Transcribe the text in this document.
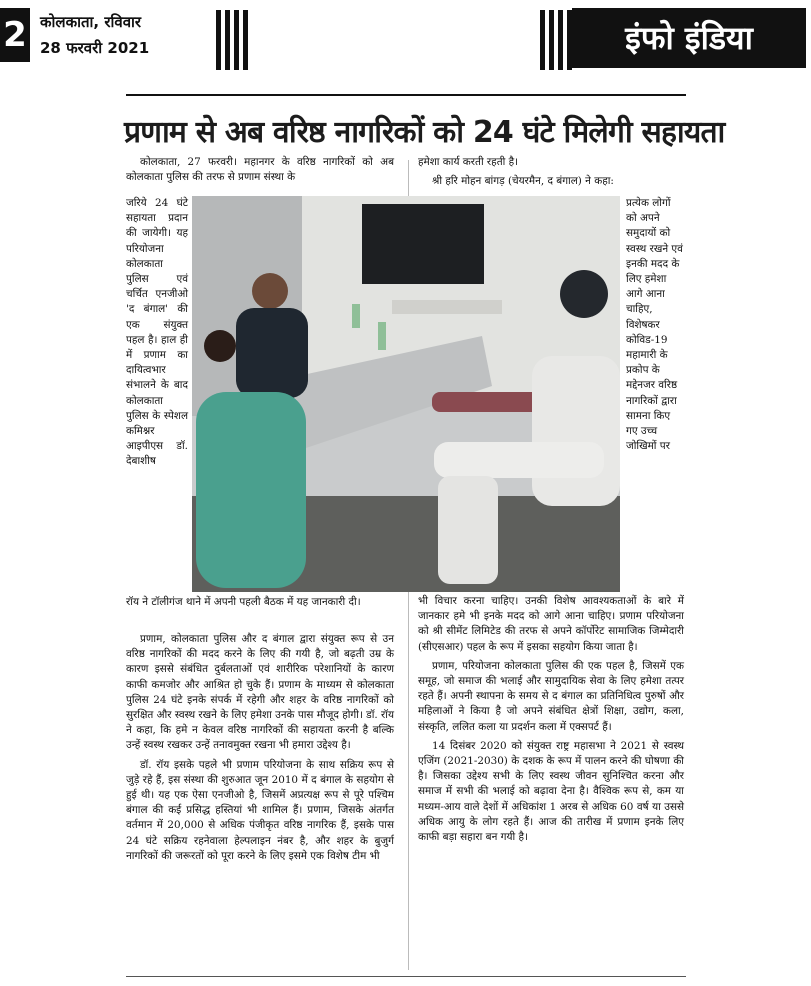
2 कोलकाता, रविवार
28 फरवरी 2021	इंफो इंडिया
प्रणाम से अब वरिष्ठ नागरिकों को 24 घंटे मिलेगी सहायता

कोलकाता, 27 फरवरी। महानगर के वरिष्ठ नागरिकों को अब कोलकाता पुलिस की तरफ से प्रणाम संस्था के

जरिये 24 घंटे सहायता प्रदान की जायेगी। यह परियोजना कोलकाता पुलिस एवं चर्चित एनजीओ 'द बंगाल' की एक संयुक्त पहल है। हाल ही में प्रणाम का दायित्वभार संभालने के बाद कोलकाता पुलिस के स्पेशल कमिश्नर आइपीएस डॉ. देबाशीष

हमेशा कार्य करती रहती है।

श्री हरि मोहन बांगड़ (चेयरमैन, द बंगाल) ने कहा:

प्रत्येक लोगों को अपने समुदायों को स्वस्थ रखने एवं इनकी मदद के लिए हमेशा आगे आना चाहिए, विशेषकर कोविड-19 महामारी के प्रकोप के मद्देनजर वरिष्ठ नागरिकों द्वारा सामना किए गए उच्च जोखिमों पर

रॉय ने टॉलीगंज थाने में अपनी पहली बैठक में यह जानकारी दी।

प्रणाम, कोलकाता पुलिस और द बंगाल द्वारा संयुक्त रूप से उन वरिष्ठ नागरिकों की मदद करने के लिए की गयी है, जो बढ़ती उम्र के कारण इससे संबंधित दुर्बलताओं एवं शारीरिक परेशानियों के कारण काफी कमजोर और आश्रित हो चुके हैं। प्रणाम के माध्यम से कोलकाता पुलिस 24 घंटे इनके संपर्क में रहेगी और शहर के वरिष्ठ नागरिकों को सुरक्षित और स्वस्थ रखने के लिए हमेशा उनके पास मौजूद होगी। डॉ. रॉय ने कहा, कि हमे न केवल वरिष्ठ नागरिकों की सहायता करनी है बल्कि उन्हें स्वस्थ रखकर उन्हें तनावमुक्त रखना भी हमारा उद्देश्य है।

डॉ. रॉय इसके पहले भी प्रणाम परियोजना के साथ सक्रिय रूप से जुड़े रहे हैं, इस संस्था की शुरुआत जून 2010 में द बंगाल के सहयोग से हुई थी। यह एक ऐसा एनजीओ है, जिसमें अप्रत्यक्ष रूप से पूरे पश्चिम बंगाल की कई प्रसिद्ध हस्तियां भी शामिल हैं। प्रणाम, जिसके अंतर्गत वर्तमान में 20,000 से अधिक पंजीकृत वरिष्ठ नागरिक हैं, इसके पास 24 घंटे सक्रिय रहनेवाला हेल्पलाइन नंबर है, और शहर के बुजुर्ग नागरिकों की जरूरतों को पूरा करने के लिए इसमे एक विशेष टीम भी

भी विचार करना चाहिए। उनकी विशेष आवश्यकताओं के बारे में जानकार हमे भी इनके मदद को आगे आना चाहिए। प्रणाम परियोजना को श्री सीमेंट लिमिटेड की तरफ से अपने कॉर्पोरेट सामाजिक जिम्मेदारी (सीएसआर) पहल के रूप में इसका सहयोग किया जाता है।

प्रणाम, परियोजना कोलकाता पुलिस की एक पहल है, जिसमें एक समूह, जो समाज की भलाई और सामुदायिक सेवा के लिए हमेशा तत्पर रहते हैं। अपनी स्थापना के समय से द बंगाल का प्रतिनिधित्व पुरुषों और महिलाओं ने किया है जो अपने संबंधित क्षेत्रों शिक्षा, उद्योग, कला, संस्कृति, ललित कला या प्रदर्शन कला में एक्सपर्ट हैं।

14 दिसंबर 2020 को संयुक्त राष्ट्र महासभा ने 2021 से स्वस्थ एजिंग (2021-2030) के दशक के रूप में पालन करने की घोषणा की है। जिसका उद्देश्य सभी के लिए स्वस्थ जीवन सुनिश्चित करना और समाज में सभी की भलाई को बढ़ावा देना है। वैश्विक रूप से, कम या मध्यम-आय वाले देशों में अधिकांश 1 अरब से अधिक 60 वर्ष या उससे अधिक आयु के लोग रहते हैं। आज की तारीख में प्रणाम इनके लिए काफी बड़ा सहारा बन गयी है।
